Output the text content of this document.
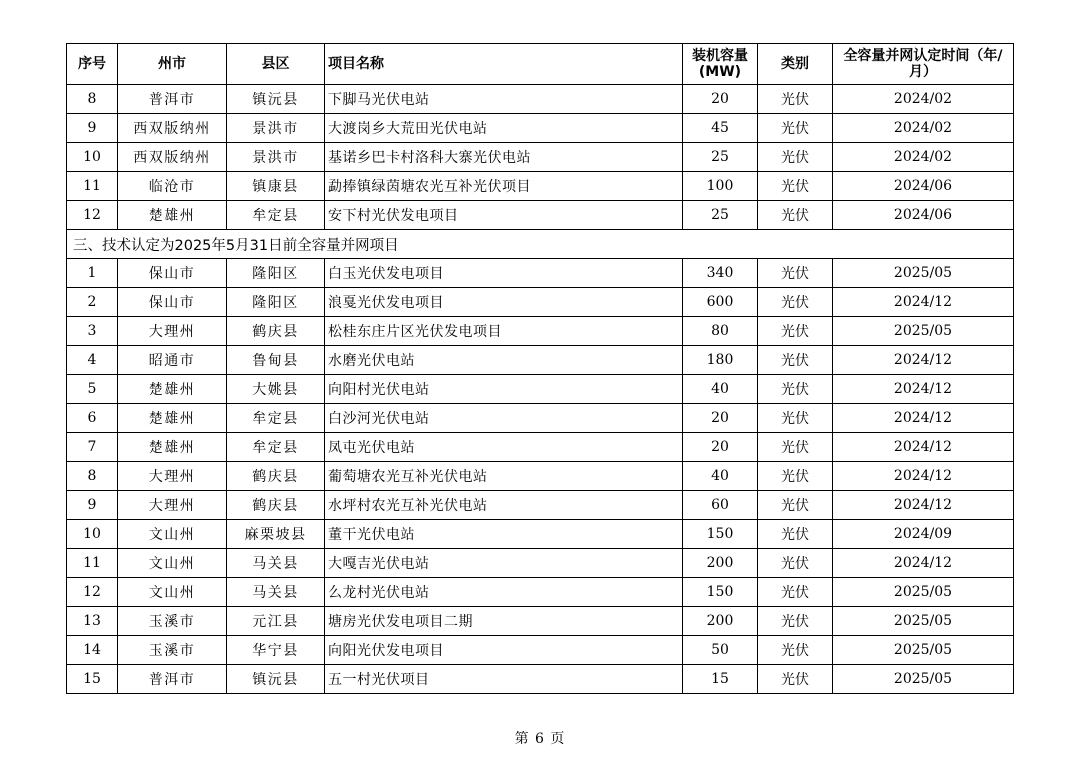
序号	州市	县区	项目名称	装机容量(MW)	类别	全容量并网认定时间（年/月）
8	普洱市	镇沅县	下脚马光伏电站	20	光伏	2024/02
9	西双版纳州	景洪市	大渡岗乡大荒田光伏电站	45	光伏	2024/02
10	西双版纳州	景洪市	基诺乡巴卡村洛科大寨光伏电站	25	光伏	2024/02
11	临沧市	镇康县	勐捧镇绿茵塘农光互补光伏项目	100	光伏	2024/06
12	楚雄州	牟定县	安下村光伏发电项目	25	光伏	2024/06
三、技术认定为2025年5月31日前全容量并网项目						
1	保山市	隆阳区	白玉光伏发电项目	340	光伏	2025/05
2	保山市	隆阳区	浪戛光伏发电项目	600	光伏	2024/12
3	大理州	鹤庆县	松桂东庄片区光伏发电项目	80	光伏	2025/05
4	昭通市	鲁甸县	水磨光伏电站	180	光伏	2024/12
5	楚雄州	大姚县	向阳村光伏电站	40	光伏	2024/12
6	楚雄州	牟定县	白沙河光伏电站	20	光伏	2024/12
7	楚雄州	牟定县	凤屯光伏电站	20	光伏	2024/12
8	大理州	鹤庆县	葡萄塘农光互补光伏电站	40	光伏	2024/12
9	大理州	鹤庆县	水坪村农光互补光伏电站	60	光伏	2024/12
10	文山州	麻栗坡县	董干光伏电站	150	光伏	2024/09
11	文山州	马关县	大嘎吉光伏电站	200	光伏	2024/12
12	文山州	马关县	么龙村光伏电站	150	光伏	2025/05
13	玉溪市	元江县	塘房光伏发电项目二期	200	光伏	2025/05
14	玉溪市	华宁县	向阳光伏发电项目	50	光伏	2025/05
15	普洱市	镇沅县	五一村光伏项目	15	光伏	2025/05
第 6 页
